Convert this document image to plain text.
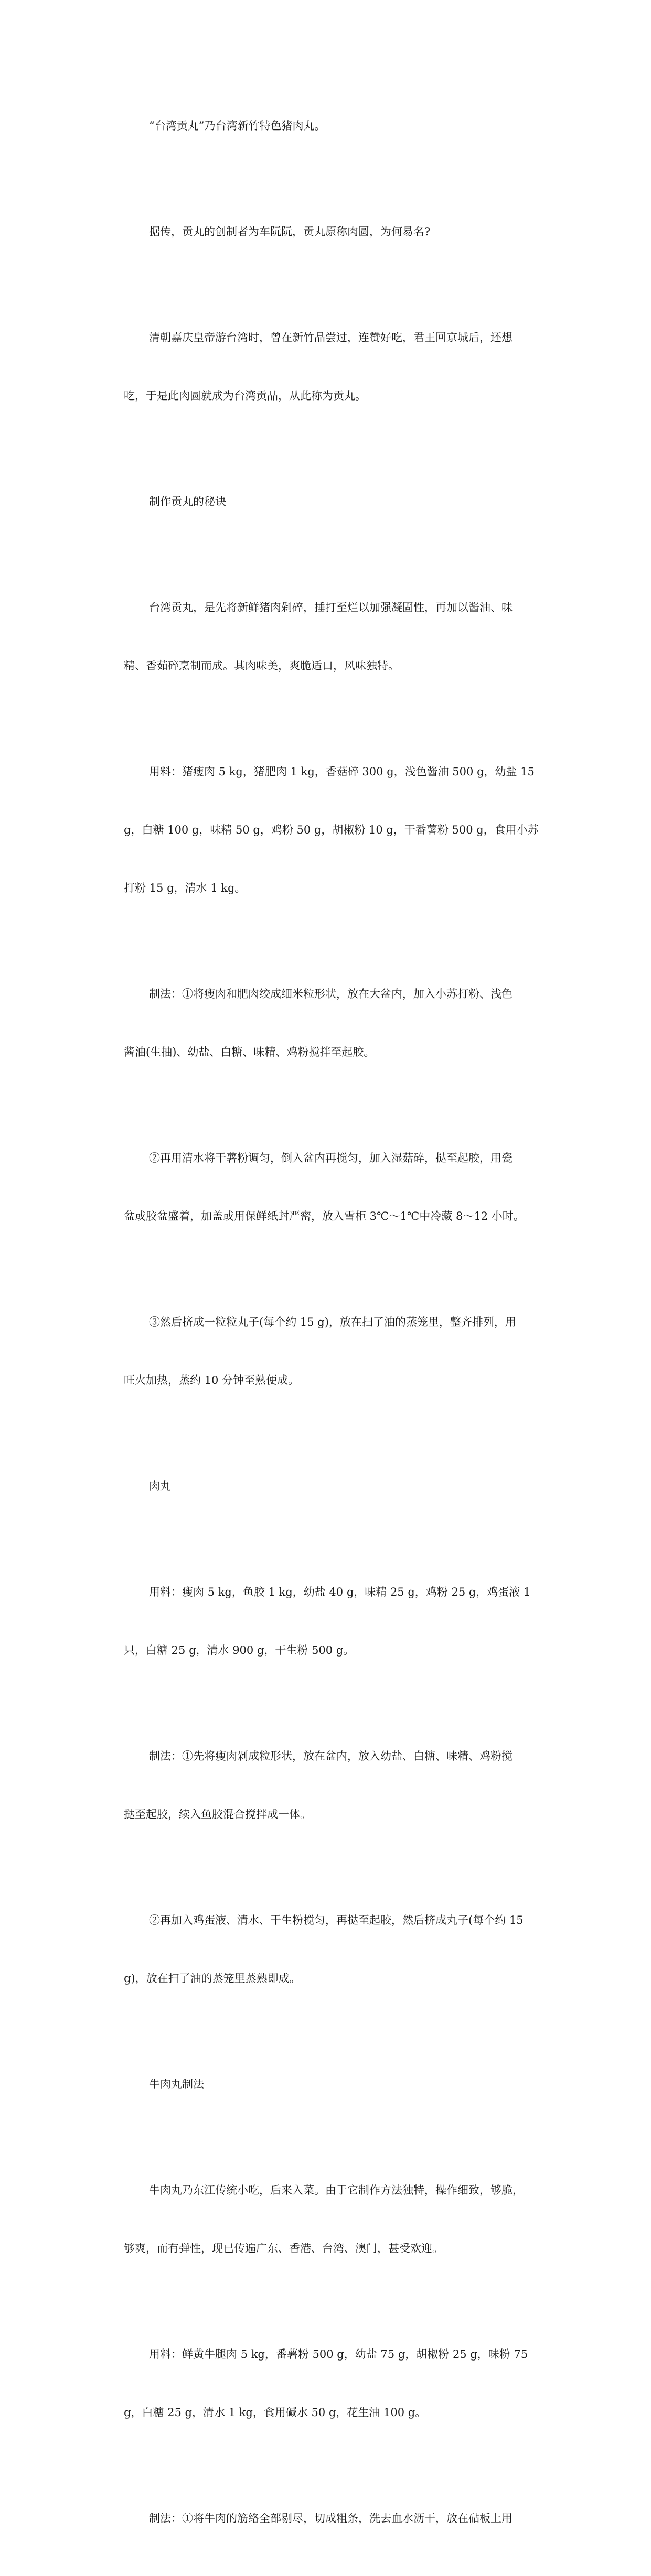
“台湾贡丸”乃台湾新竹特色猪肉丸。

据传，贡丸的创制者为车阮阮，贡丸原称肉圆，为何易名?

清朝嘉庆皇帝游台湾时，曾在新竹品尝过，连赞好吃，君王回京城后，还想

吃，于是此肉圆就成为台湾贡品，从此称为贡丸。

制作贡丸的秘诀

台湾贡丸，是先将新鲜猪肉剁碎，捶打至烂以加强凝固性，再加以酱油、味

精、香茹碎烹制而成。其肉味美，爽脆适口，风味独特。

用料：猪瘦肉 5 kg，猪肥肉 1 kg，香菇碎 300 g，浅色酱油 500 g，幼盐 15

g，白糖 100 g，味精 50 g，鸡粉 50 g，胡椒粉 10 g，干番薯粉 500 g，食用小苏

打粉 15 g，清水 1 kg。

制法：①将瘦肉和肥肉绞成细米粒形状，放在大盆内，加入小苏打粉、浅色

酱油(生抽)、幼盐、白糖、味精、鸡粉搅拌至起胶。

②再用清水将干薯粉调匀，倒入盆内再搅匀，加入湿菇碎，挞至起胶，用瓷

盆或胶盆盛着，加盖或用保鲜纸封严密，放入雪柜 3℃～1℃中冷藏 8～12 小时。

③然后挤成一粒粒丸子(每个约 15 g)，放在扫了油的蒸笼里，整齐排列，用

旺火加热，蒸约 10 分钟至熟便成。

肉丸

用料：瘦肉 5 kg，鱼胶 1 kg，幼盐 40 g，味精 25 g，鸡粉 25 g，鸡蛋液 1

只，白糖 25 g，清水 900 g，干生粉 500 g。

制法：①先将瘦肉剁成粒形状，放在盆内，放入幼盐、白糖、味精、鸡粉搅

挞至起胶，续入鱼胶混合搅拌成一体。

②再加入鸡蛋液、清水、干生粉搅匀，再挞至起胶，然后挤成丸子(每个约 15

g)，放在扫了油的蒸笼里蒸熟即成。

牛肉丸制法

牛肉丸乃东江传统小吃，后来入菜。由于它制作方法独特，操作细致，够脆，

够爽，而有弹性，现已传遍广东、香港、台湾、澳门，甚受欢迎。

用料：鲜黄牛腿肉 5 kg，番薯粉 500 g，幼盐 75 g，胡椒粉 25 g，味粉 75

g，白糖 25 g，清水 1 kg，食用碱水 50 g，花生油 100 g。

制法：①将牛肉的筋络全部剔尽，切成粗条，洗去血水沥干，放在砧板上用
